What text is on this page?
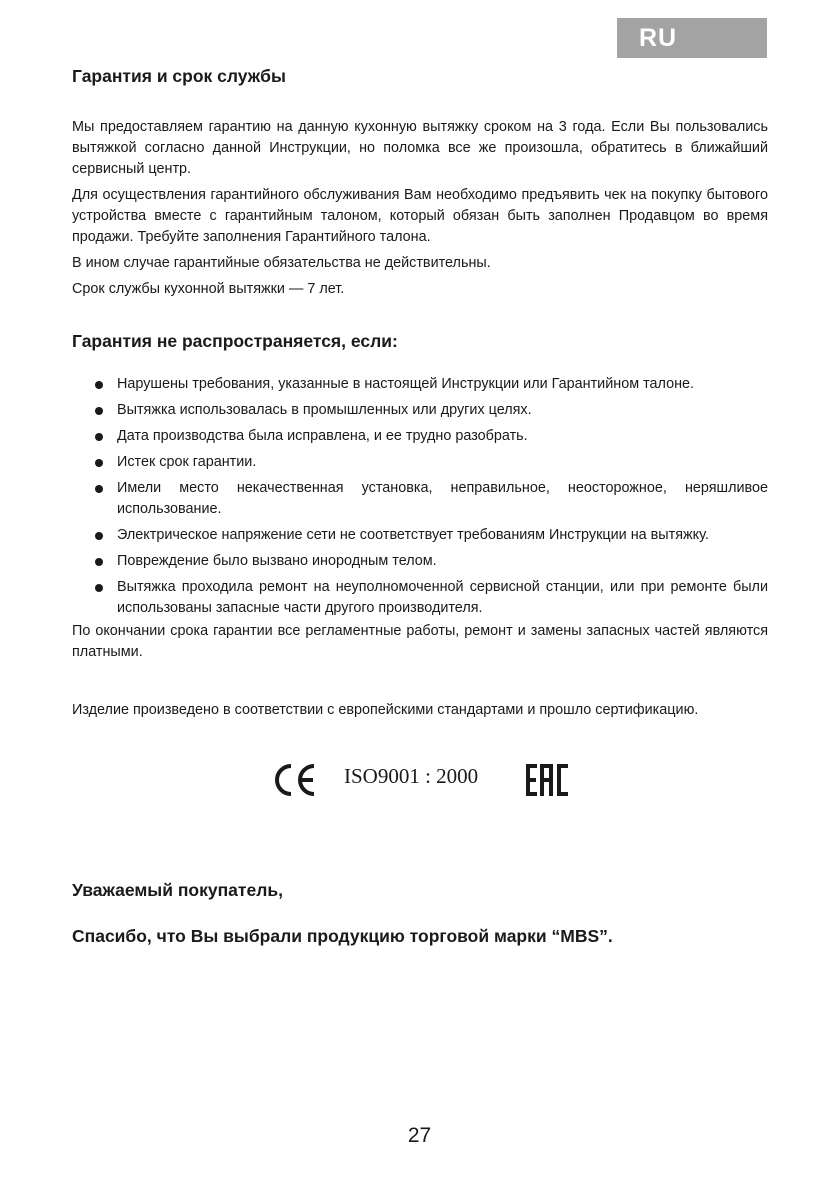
RU
Гарантия и срок службы

Мы предоставляем гарантию на данную кухонную вытяжку сроком на 3 года. Если Вы пользовались вытяжкой согласно данной Инструкции, но поломка все же произошла, обратитесь в ближайший сервисный центр.

Для осуществления гарантийного обслуживания Вам необходимо предъявить чек на покупку бытового устройства вместе с гарантийным талоном, который обязан быть заполнен Продавцом во время продажи. Требуйте заполнения Гарантийного талона.

В ином случае гарантийные обязательства не действительны.

Срок службы кухонной вытяжки — 7 лет.

Гарантия не распространяется, если:
Нарушены требования, указанные в настоящей Инструкции или Гарантийном талоне.
Вытяжка использовалась в промышленных или других целях.
Дата производства была исправлена, и ее трудно разобрать.
Истек срок гарантии.
Имели место некачественная установка, неправильное, неосторожное, неряшливое использование.
Электрическое напряжение сети не соответствует требованиям Инструкции на вытяжку.
Повреждение было вызвано инородным телом.
Вытяжка проходила ремонт на неуполномоченной сервисной станции, или при ремонте были использованы запасные части другого производителя.

По окончании срока гарантии все регламентные работы, ремонт и замены запасных частей являются платными.

Изделие произведено в соответствии с европейскими стандартами и прошло сертификацию.

ISO9001 : 2000
Уважаемый покупатель,
Спасибо, что Вы выбрали продукцию торговой марки “MBS”.
27
